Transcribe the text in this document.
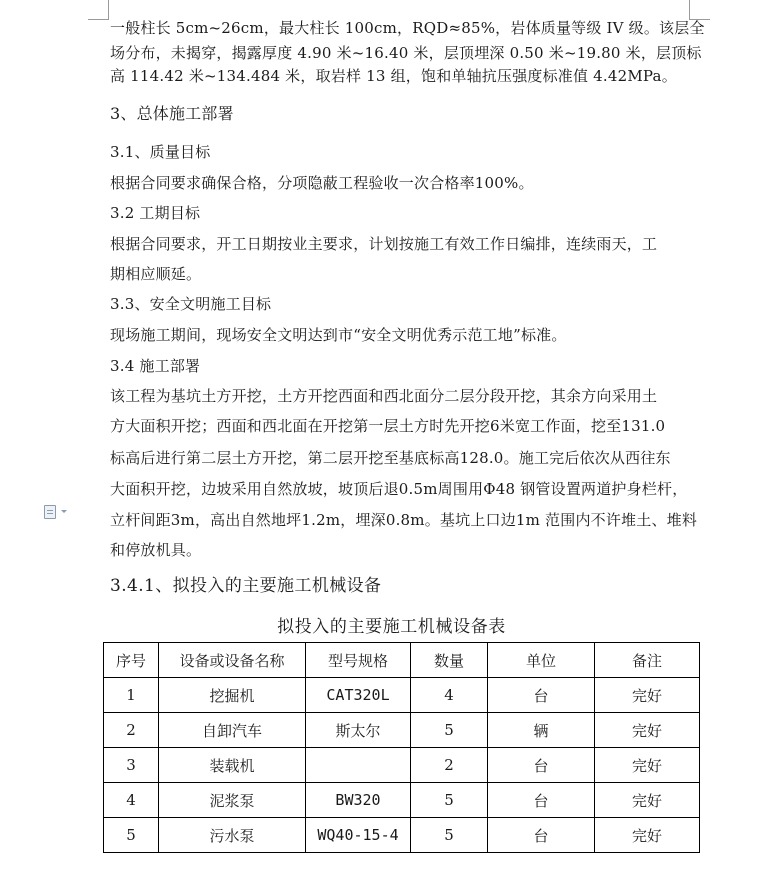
一般柱长 5cm~26cm，最大柱长 100cm，RQD≈85%，岩体质量等级 IV 级。该层全
场分布，未揭穿，揭露厚度 4.90 米~16.40 米，层顶埋深 0.50 米~19.80 米，层顶标
高 114.42 米~134.484 米，取岩样 13 组，饱和单轴抗压强度标准值 4.42MPa。
3、总体施工部署
3.1、质量目标
根据合同要求确保合格，分项隐蔽工程验收一次合格率100%。
3.2 工期目标
根据合同要求，开工日期按业主要求，计划按施工有效工作日编排，连续雨天，工
期相应顺延。
3.3、安全文明施工目标
现场施工期间，现场安全文明达到市“安全文明优秀示范工地”标准。
3.4 施工部署
该工程为基坑土方开挖，土方开挖西面和西北面分二层分段开挖，其余方向采用土
方大面积开挖；西面和西北面在开挖第一层土方时先开挖6米宽工作面，挖至131.0
标高后进行第二层土方开挖，第二层开挖至基底标高128.0。施工完后依次从西往东
大面积开挖，边坡采用自然放坡，坡顶后退0.5m周围用Φ48 钢管设置两道护身栏杆，
立杆间距3m，高出自然地坪1.2m，埋深0.8m。基坑上口边1m 范围内不许堆土、堆料
和停放机具。
3.4.1、拟投入的主要施工机械设备
拟投入的主要施工机械设备表
序号	设备或设备名称	型号规格	数量	单位	备注
1	挖掘机	CAT320L	4	台	完好
2	自卸汽车	斯太尔	5	辆	完好
3	装载机		2	台	完好
4	泥浆泵	BW320	5	台	完好
5	污水泵	WQ40-15-4	5	台	完好
